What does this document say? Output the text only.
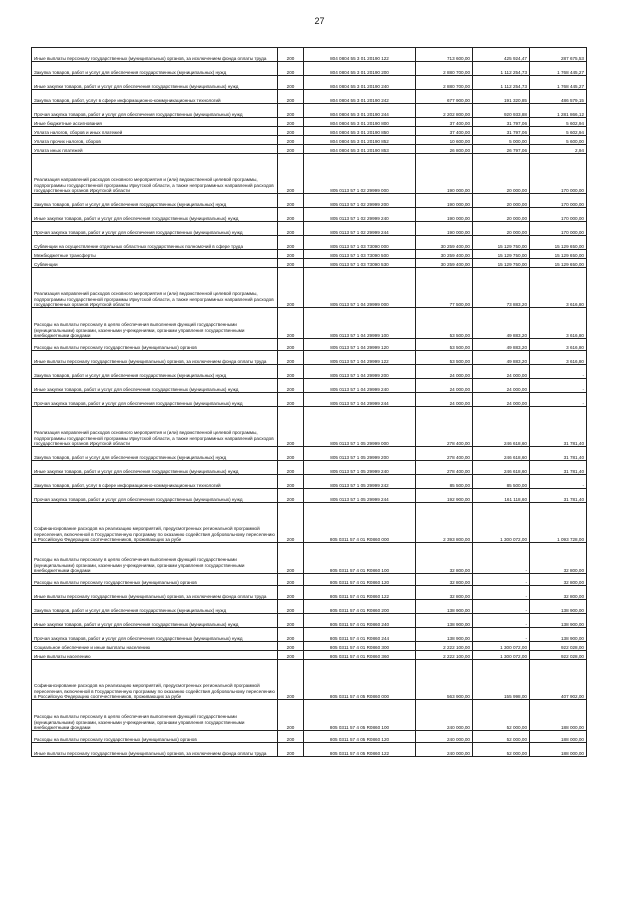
27
Иные выплаты персоналу государственных (муниципальных) органов, за исключением фонда оплаты труда	200	804 0804 55 3 01 20190 122	713 600,00	425 924,47	287 675,53
Закупка товаров, работ и услуг для обеспечения государственных (муниципальных) нужд	200	804 0804 55 3 01 20190 200	2 880 700,00	1 112 254,73	1 768 445,27
Иные закупки товаров, работ и услуг для обеспечения государственных (муниципальных) нужд	200	804 0804 55 3 01 20190 240	2 880 700,00	1 112 254,73	1 768 445,27
Закупка товаров, работ, услуг в сфере информационно-коммуникационных технологий	200	804 0804 55 3 01 20190 242	677 900,00	191 320,85	486 579,15
Прочая закупка товаров, работ и услуг для обеспечения государственных (муниципальных) нужд	200	804 0804 55 3 01 20190 244	2 202 800,00	920 933,88	1 281 866,12
Иные бюджетные ассигнования	200	804 0804 55 3 01 20190 800	37 400,00	31 797,06	5 602,94
Уплата налогов, сборов и иных платежей	200	804 0804 55 3 01 20190 850	37 400,00	31 797,06	5 602,94
Уплата прочих налогов, сборов	200	804 0804 55 3 01 20190 852	10 600,00	5 000,00	5 600,00
Уплата иных платежей	200	804 0804 55 3 01 20190 853	26 800,00	26 797,06	2,94
Реализация направлений расходов основного мероприятия и (или) ведомственной целевой программы, подпрограммы государственной программы Иркутской области, а также непрограммных направлений расходов государственных органов Иркутской области	200	805 0113 57 1 02 29999 000	190 000,00	20 000,00	170 000,00
Закупка товаров, работ и услуг для обеспечения государственных (муниципальных) нужд	200	805 0113 57 1 02 29999 200	190 000,00	20 000,00	170 000,00
Иные закупки товаров, работ и услуг для обеспечения государственных (муниципальных) нужд	200	805 0113 57 1 02 29999 240	190 000,00	20 000,00	170 000,00
Прочая закупка товаров, работ и услуг для обеспечения государственных (муниципальных) нужд	200	805 0113 57 1 02 29999 244	190 000,00	20 000,00	170 000,00
Субвенции на осуществление отдельных областных государственных полномочий в сфере труда	200	805 0113 57 1 03 73090 000	30 259 400,00	15 129 750,00	15 129 650,00
Межбюджетные трансферты	200	805 0113 57 1 03 73090 500	30 259 400,00	15 129 750,00	15 129 650,00
Субвенции	200	805 0113 57 1 03 73090 530	30 259 400,00	15 129 750,00	15 129 650,00
Реализация направлений расходов основного мероприятия и (или) ведомственной целевой программы, подпрограммы государственной программы Иркутской области, а также непрограммных направлений расходов государственных органов Иркутской области	200	805 0113 57 1 04 29999 000	77 500,00	73 883,20	3 616,80
Расходы на выплаты персоналу в целях обеспечения выполнения функций государственными (муниципальными) органами, казенными учреждениями, органами управления государственными внебюджетными фондами	200	805 0113 57 1 04 29999 100	53 500,00	49 883,20	3 616,80
Расходы на выплаты персоналу государственных (муниципальных) органов	200	805 0113 57 1 04 29999 120	53 500,00	49 883,20	3 616,80
Иные выплаты персоналу государственных (муниципальных) органов, за исключением фонда оплаты труда	200	805 0113 57 1 04 29999 122	53 500,00	49 883,20	3 616,80
Закупка товаров, работ и услуг для обеспечения государственных (муниципальных) нужд	200	805 0113 57 1 04 29999 200	24 000,00	24 000,00	-
Иные закупки товаров, работ и услуг для обеспечения государственных (муниципальных) нужд	200	805 0113 57 1 04 29999 240	24 000,00	24 000,00	-
Прочая закупка товаров, работ и услуг для обеспечения государственных (муниципальных) нужд	200	805 0113 57 1 04 29999 244	24 000,00	24 000,00	-
Реализация направлений расходов основного мероприятия и (или) ведомственной целевой программы, подпрограммы государственной программы Иркутской области, а также непрограммных направлений расходов государственных органов Иркутской области	200	805 0113 57 1 05 29999 000	278 400,00	246 618,60	31 781,40
Закупка товаров, работ и услуг для обеспечения государственных (муниципальных) нужд	200	805 0113 57 1 05 29999 200	278 400,00	246 618,60	31 781,40
Иные закупки товаров, работ и услуг для обеспечения государственных (муниципальных) нужд	200	805 0113 57 1 05 29999 240	278 400,00	246 618,60	31 781,40
Закупка товаров, работ, услуг в сфере информационно-коммуникационных технологий	200	805 0113 57 1 05 29999 242	85 500,00	85 500,00	-
Прочая закупка товаров, работ и услуг для обеспечения государственных (муниципальных) нужд	200	805 0113 57 1 05 29999 244	192 900,00	161 118,60	31 781,40
Софинансирование расходов на реализацию мероприятий, предусмотренных региональной программой переселения, включенной в Государственную программу по оказанию содействия добровольному переселению в Российскую Федерацию соотечественников, проживающих за рубе	200	805 0311 57 4 01 R0860 000	2 393 800,00	1 300 072,00	1 093 728,00
Расходы на выплаты персоналу в целях обеспечения выполнения функций государственными (муниципальными) органами, казенными учреждениями, органами управления государственными внебюджетными фондами	200	805 0311 57 4 01 R0860 100	32 800,00	-	32 800,00
Расходы на выплаты персоналу государственных (муниципальных) органов	200	805 0311 57 4 01 R0860 120	32 800,00	-	32 800,00
Иные выплаты персоналу государственных (муниципальных) органов, за исключением фонда оплаты труда	200	805 0311 57 4 01 R0860 122	32 800,00	-	32 800,00
Закупка товаров, работ и услуг для обеспечения государственных (муниципальных) нужд	200	805 0311 57 4 01 R0860 200	138 900,00	-	138 900,00
Иные закупки товаров, работ и услуг для обеспечения государственных (муниципальных) нужд	200	805 0311 57 4 01 R0860 240	138 900,00	-	138 900,00
Прочая закупка товаров, работ и услуг для обеспечения государственных (муниципальных) нужд	200	805 0311 57 4 01 R0860 244	138 900,00	-	138 900,00
Социальное обеспечение и иные выплаты населению	200	805 0311 57 4 01 R0860 300	2 222 100,00	1 300 072,00	922 028,00
Иные выплаты населению	200	805 0311 57 4 01 R0860 360	2 222 100,00	1 300 072,00	922 028,00
Софинансирование расходов на реализацию мероприятий, предусмотренных региональной программой переселения, включенной в Государственную программу по оказанию содействия добровольному переселению в Российскую Федерацию соотечественников, проживающих за рубе	200	805 0311 57 4 05 R0860 000	563 900,00	155 998,00	407 902,00
Расходы на выплаты персоналу в целях обеспечения выполнения функций государственными (муниципальными) органами, казенными учреждениями, органами управления государственными внебюджетными фондами	200	805 0311 57 4 05 R0860 100	240 000,00	52 000,00	188 000,00
Расходы на выплаты персоналу государственных (муниципальных) органов	200	805 0311 57 4 05 R0860 120	240 000,00	52 000,00	188 000,00
Иные выплаты персоналу государственных (муниципальных) органов, за исключением фонда оплаты труда	200	805 0311 57 4 05 R0860 122	240 000,00	52 000,00	188 000,00
